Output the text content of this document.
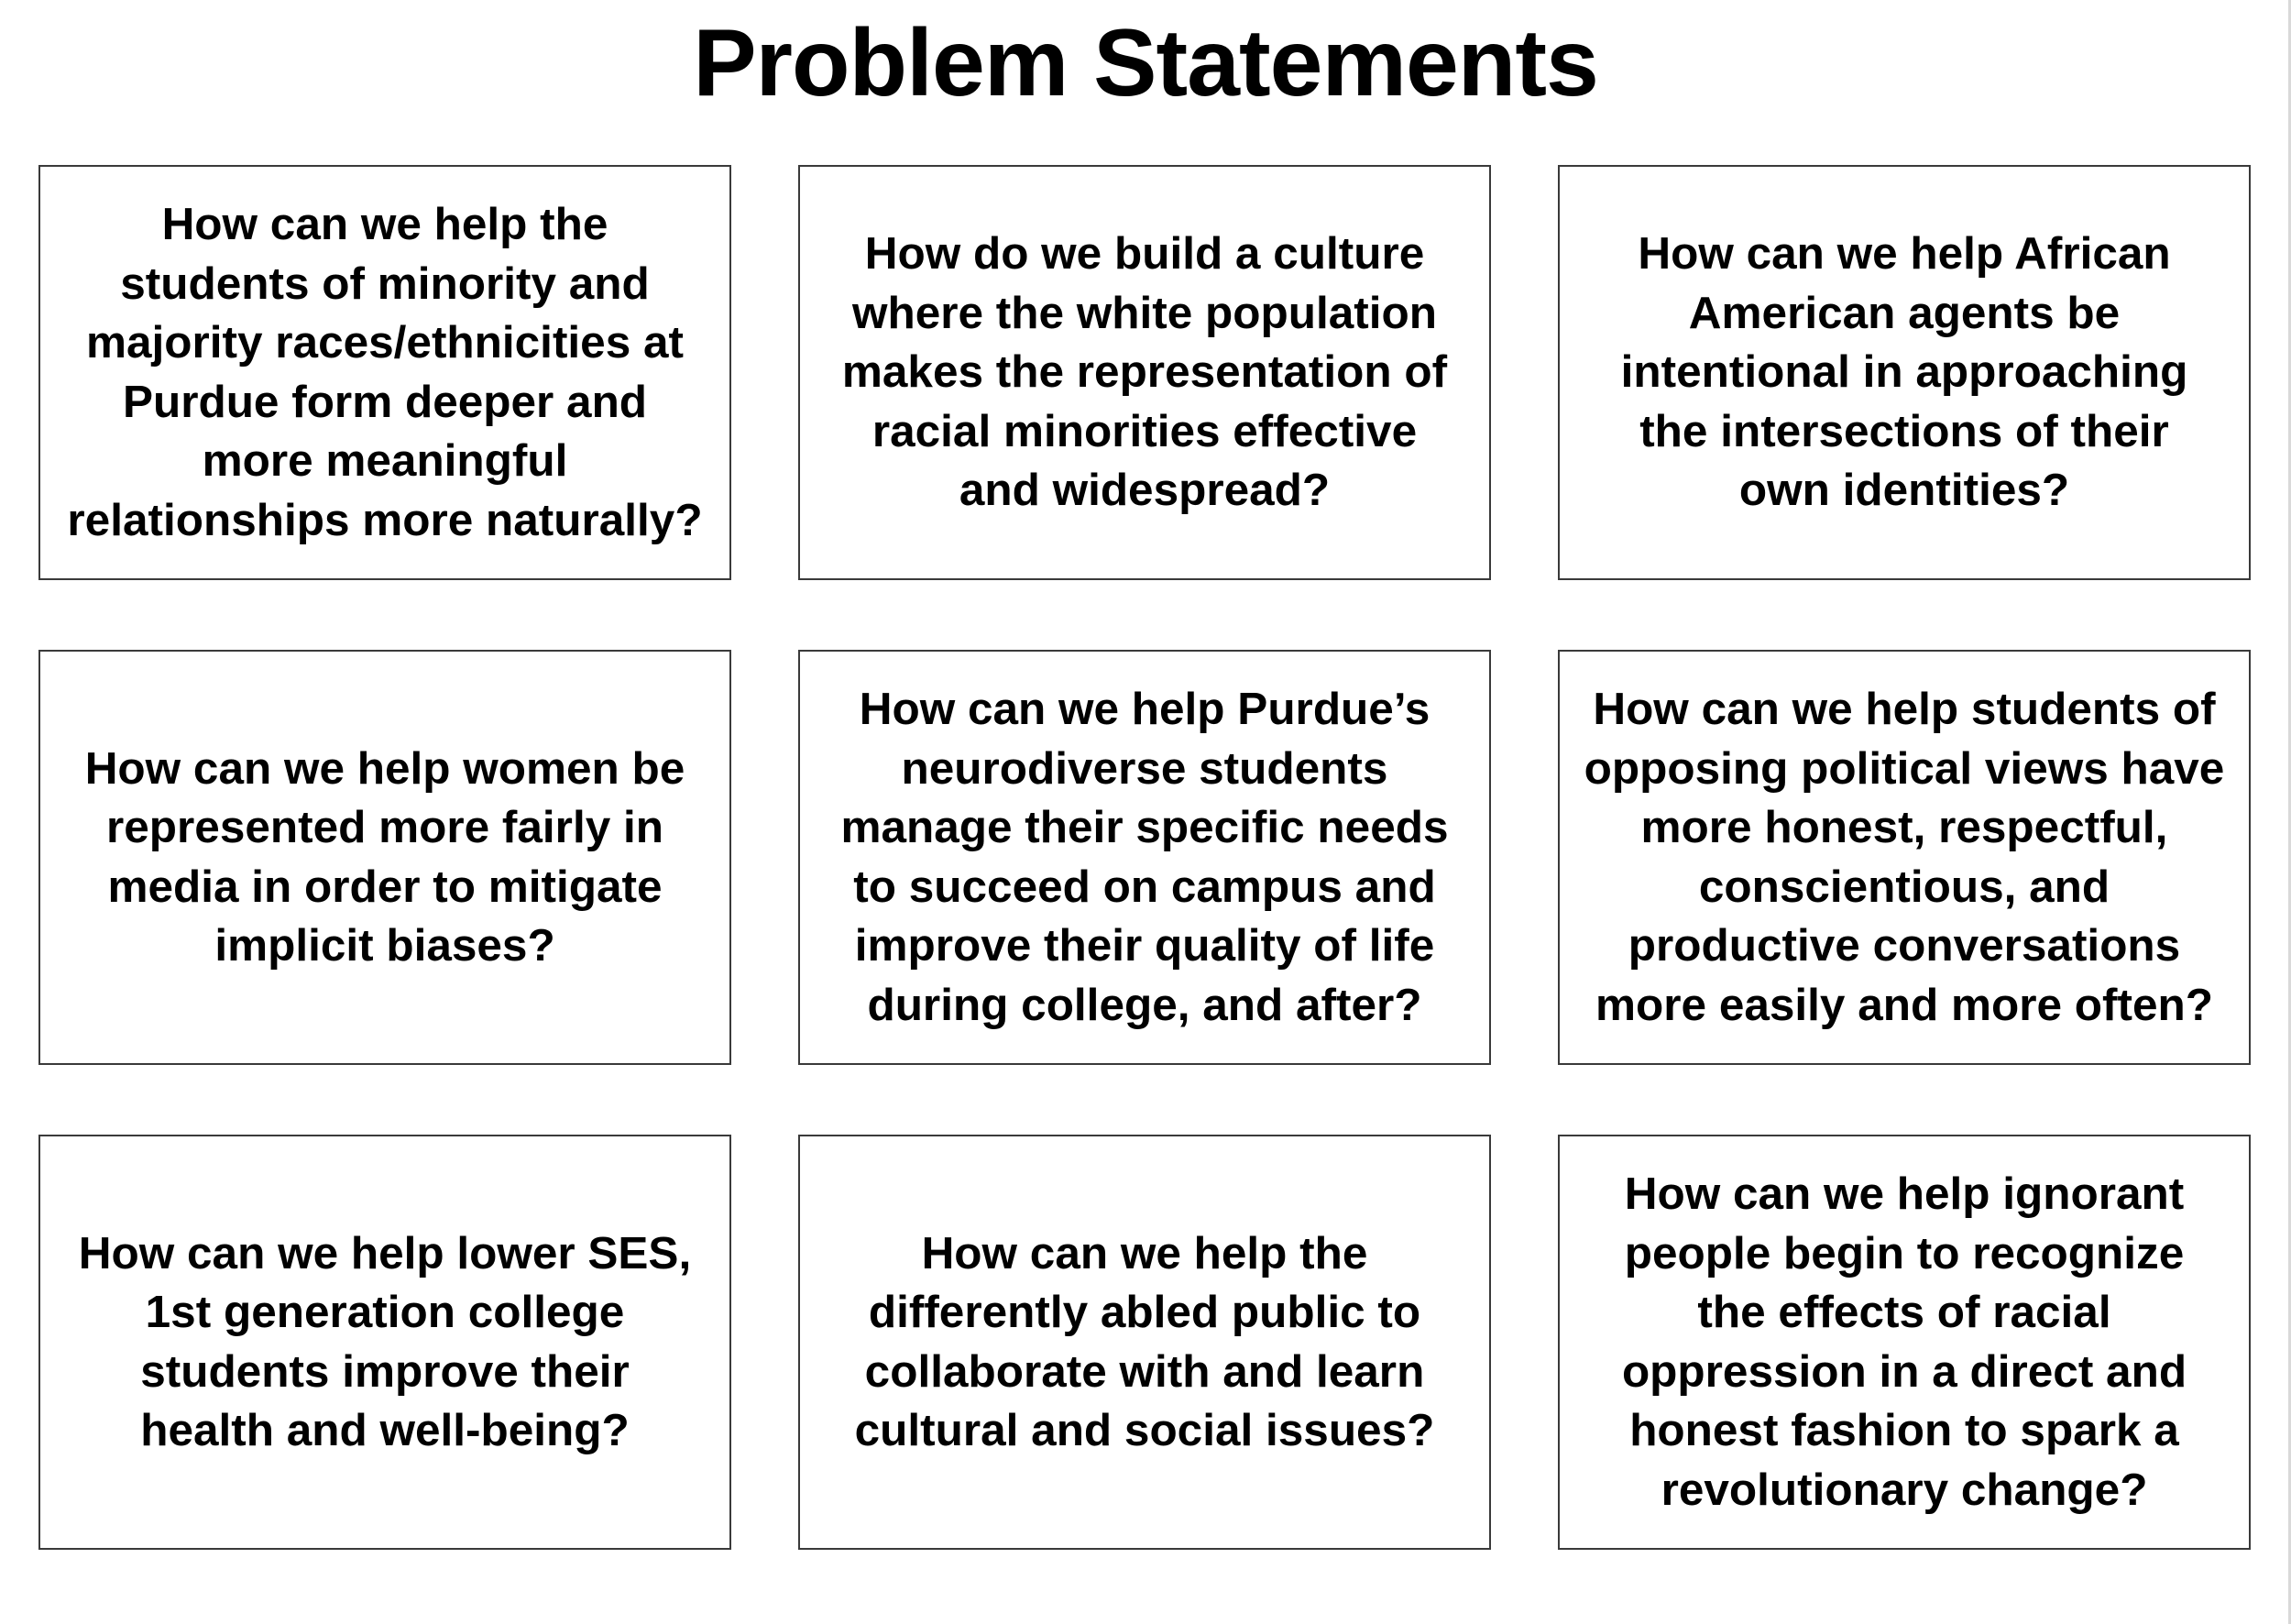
Problem Statements
How can we help the
students of minority and
majority races/ethnicities at
Purdue form deeper and
more meaningful
relationships more naturally?
How do we build a culture
where the white population
makes the representation of
racial minorities effective
and widespread?
How can we help African
American agents be
intentional in approaching
the intersections of their
own identities?
How can we help women be
represented more fairly in
media in order to mitigate
implicit biases?
How can we help Purdue’s
neurodiverse students
manage their specific needs
to succeed on campus and
improve their quality of life
during college, and after?
How can we help students of
opposing political views have
more honest, respectful,
conscientious, and
productive conversations
more easily and more often?
How can we help lower SES,
1st generation college
students improve their
health and well-being?
How can we help the
differently abled public to
collaborate with and learn
cultural and social issues?
How can we help ignorant
people begin to recognize
the effects of racial
oppression in a direct and
honest fashion to spark a
revolutionary change?
